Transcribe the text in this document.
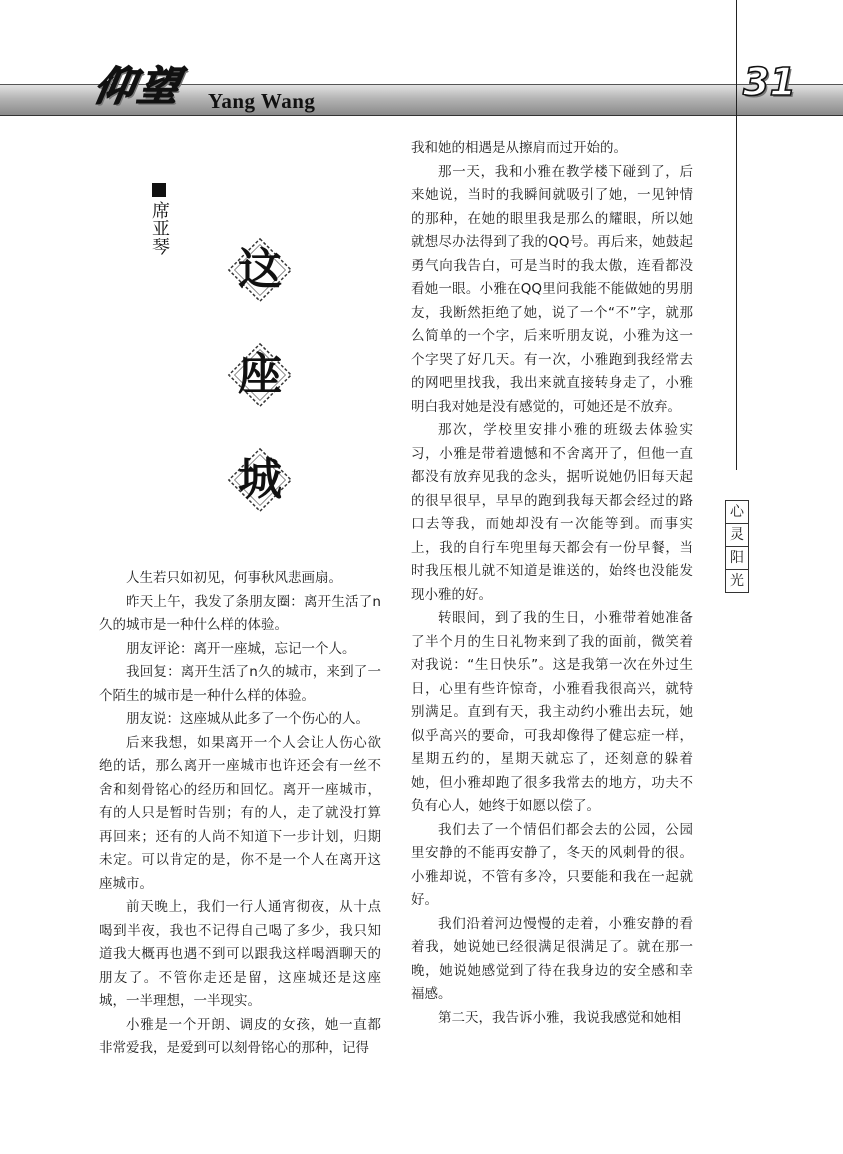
仰望 Yang Wang	31
心
灵
阳
光
席亚琴
这
座
城

人生若只如初见，何事秋风悲画扇。

昨天上午，我发了条朋友圈：离开生活了n久的城市是一种什么样的体验。

朋友评论：离开一座城，忘记一个人。

我回复：离开生活了n久的城市，来到了一个陌生的城市是一种什么样的体验。

朋友说：这座城从此多了一个伤心的人。

后来我想，如果离开一个人会让人伤心欲绝的话，那么离开一座城市也许还会有一丝不舍和刻骨铭心的经历和回忆。离开一座城市，有的人只是暂时告别；有的人，走了就没打算再回来；还有的人尚不知道下一步计划，归期未定。可以肯定的是，你不是一个人在离开这座城市。

前天晚上，我们一行人通宵彻夜，从十点喝到半夜，我也不记得自己喝了多少，我只知道我大概再也遇不到可以跟我这样喝酒聊天的朋友了。不管你走还是留，这座城还是这座城，一半理想，一半现实。

小雅是一个开朗、调皮的女孩，她一直都非常爱我，是爱到可以刻骨铭心的那种，记得

我和她的相遇是从擦肩而过开始的。

那一天，我和小雅在教学楼下碰到了，后来她说，当时的我瞬间就吸引了她，一见钟情的那种，在她的眼里我是那么的耀眼，所以她就想尽办法得到了我的QQ号。再后来，她鼓起勇气向我告白，可是当时的我太傲，连看都没看她一眼。小雅在QQ里问我能不能做她的男朋友，我断然拒绝了她，说了一个“不”字，就那么简单的一个字，后来听朋友说，小雅为这一个字哭了好几天。有一次，小雅跑到我经常去的网吧里找我，我出来就直接转身走了，小雅明白我对她是没有感觉的，可她还是不放弃。

那次，学校里安排小雅的班级去体验实习，小雅是带着遗憾和不舍离开了，但他一直都没有放弃见我的念头，据听说她仍旧每天起的很早很早，早早的跑到我每天都会经过的路口去等我，而她却没有一次能等到。而事实上，我的自行车兜里每天都会有一份早餐，当时我压根儿就不知道是谁送的，始终也没能发现小雅的好。

转眼间，到了我的生日，小雅带着她准备了半个月的生日礼物来到了我的面前，微笑着对我说：“生日快乐”。这是我第一次在外过生日，心里有些许惊奇，小雅看我很高兴，就特别满足。直到有天，我主动约小雅出去玩，她似乎高兴的要命，可我却像得了健忘症一样，星期五约的，星期天就忘了，还刻意的躲着她，但小雅却跑了很多我常去的地方，功夫不负有心人，她终于如愿以偿了。

我们去了一个情侣们都会去的公园，公园里安静的不能再安静了，冬天的风刺骨的很。小雅却说，不管有多冷，只要能和我在一起就好。

我们沿着河边慢慢的走着，小雅安静的看着我，她说她已经很满足很满足了。就在那一晚，她说她感觉到了待在我身边的安全感和幸福感。

第二天，我告诉小雅，我说我感觉和她相
